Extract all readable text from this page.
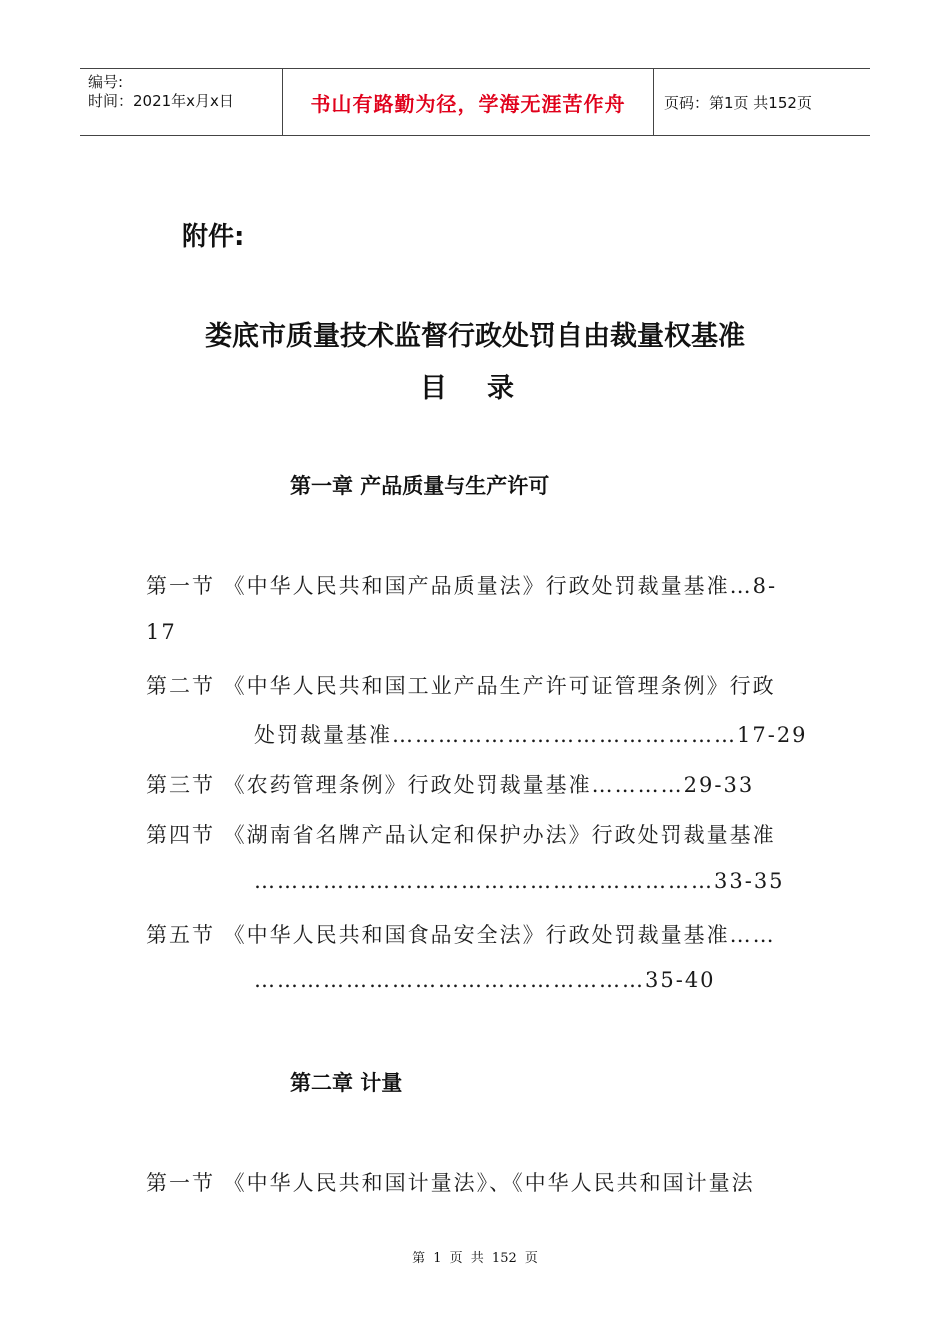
编号:
时间：2021年x月x日	书山有路勤为径，学海无涯苦作舟	页码：第1页 共152页
附件:
娄底市质量技术监督行政处罚自由裁量权基准
目录
第一章 产品质量与生产许可
第一节 《中华人民共和国产品质量法》行政处罚裁量基准…8-
17
第二节 《中华人民共和国工业产品生产许可证管理条例》行政
处罚裁量基准………………………………………17-29
第三节 《农药管理条例》行政处罚裁量基准…………29-33
第四节 《湖南省名牌产品认定和保护办法》行政处罚裁量基准
……………………………………………………33-35
第五节 《中华人民共和国食品安全法》行政处罚裁量基准……
……………………………………………35-40
第二章 计量
第一节 《中华人民共和国计量法》、《中华人民共和国计量法
第 1 页 共 152 页
